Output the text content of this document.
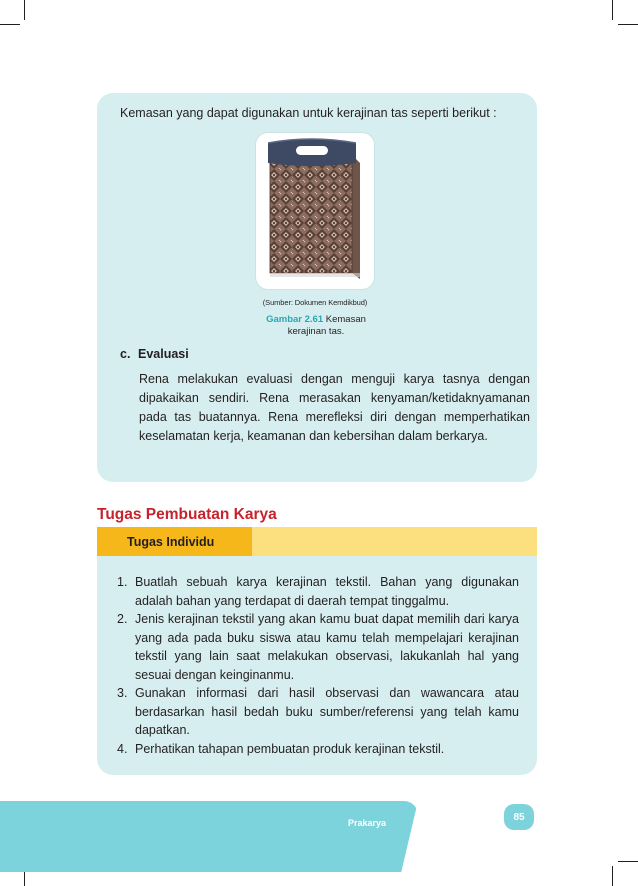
Kemasan yang dapat digunakan untuk kerajinan tas seperti berikut :
(Sumber: Dokumen Kemdikbud)
Gambar 2.61 Kemasan
kerajinan tas.
c. Evaluasi
Rena melakukan evaluasi dengan menguji karya tasnya dengan dipakaikan sendiri. Rena merasakan kenyaman/ketidaknyamanan pada tas buatannya. Rena merefleksi diri dengan memperhatikan keselamatan kerja, keamanan dan kebersihan dalam berkarya.
Tugas Pembuatan Karya
Tugas Individu
1. Buatlah sebuah karya kerajinan tekstil. Bahan yang digunakan adalah bahan yang terdapat di daerah tempat tinggalmu.
2. Jenis kerajinan tekstil yang akan kamu buat dapat memilih dari karya yang ada pada buku siswa atau kamu telah mempelajari kerajinan tekstil yang lain saat melakukan observasi, lakukanlah hal yang sesuai dengan keinginanmu.
3. Gunakan informasi dari hasil observasi dan wawancara atau berdasarkan hasil bedah buku sumber/referensi yang telah kamu dapatkan.
4. Perhatikan tahapan pembuatan produk kerajinan tekstil.
Prakarya
85
